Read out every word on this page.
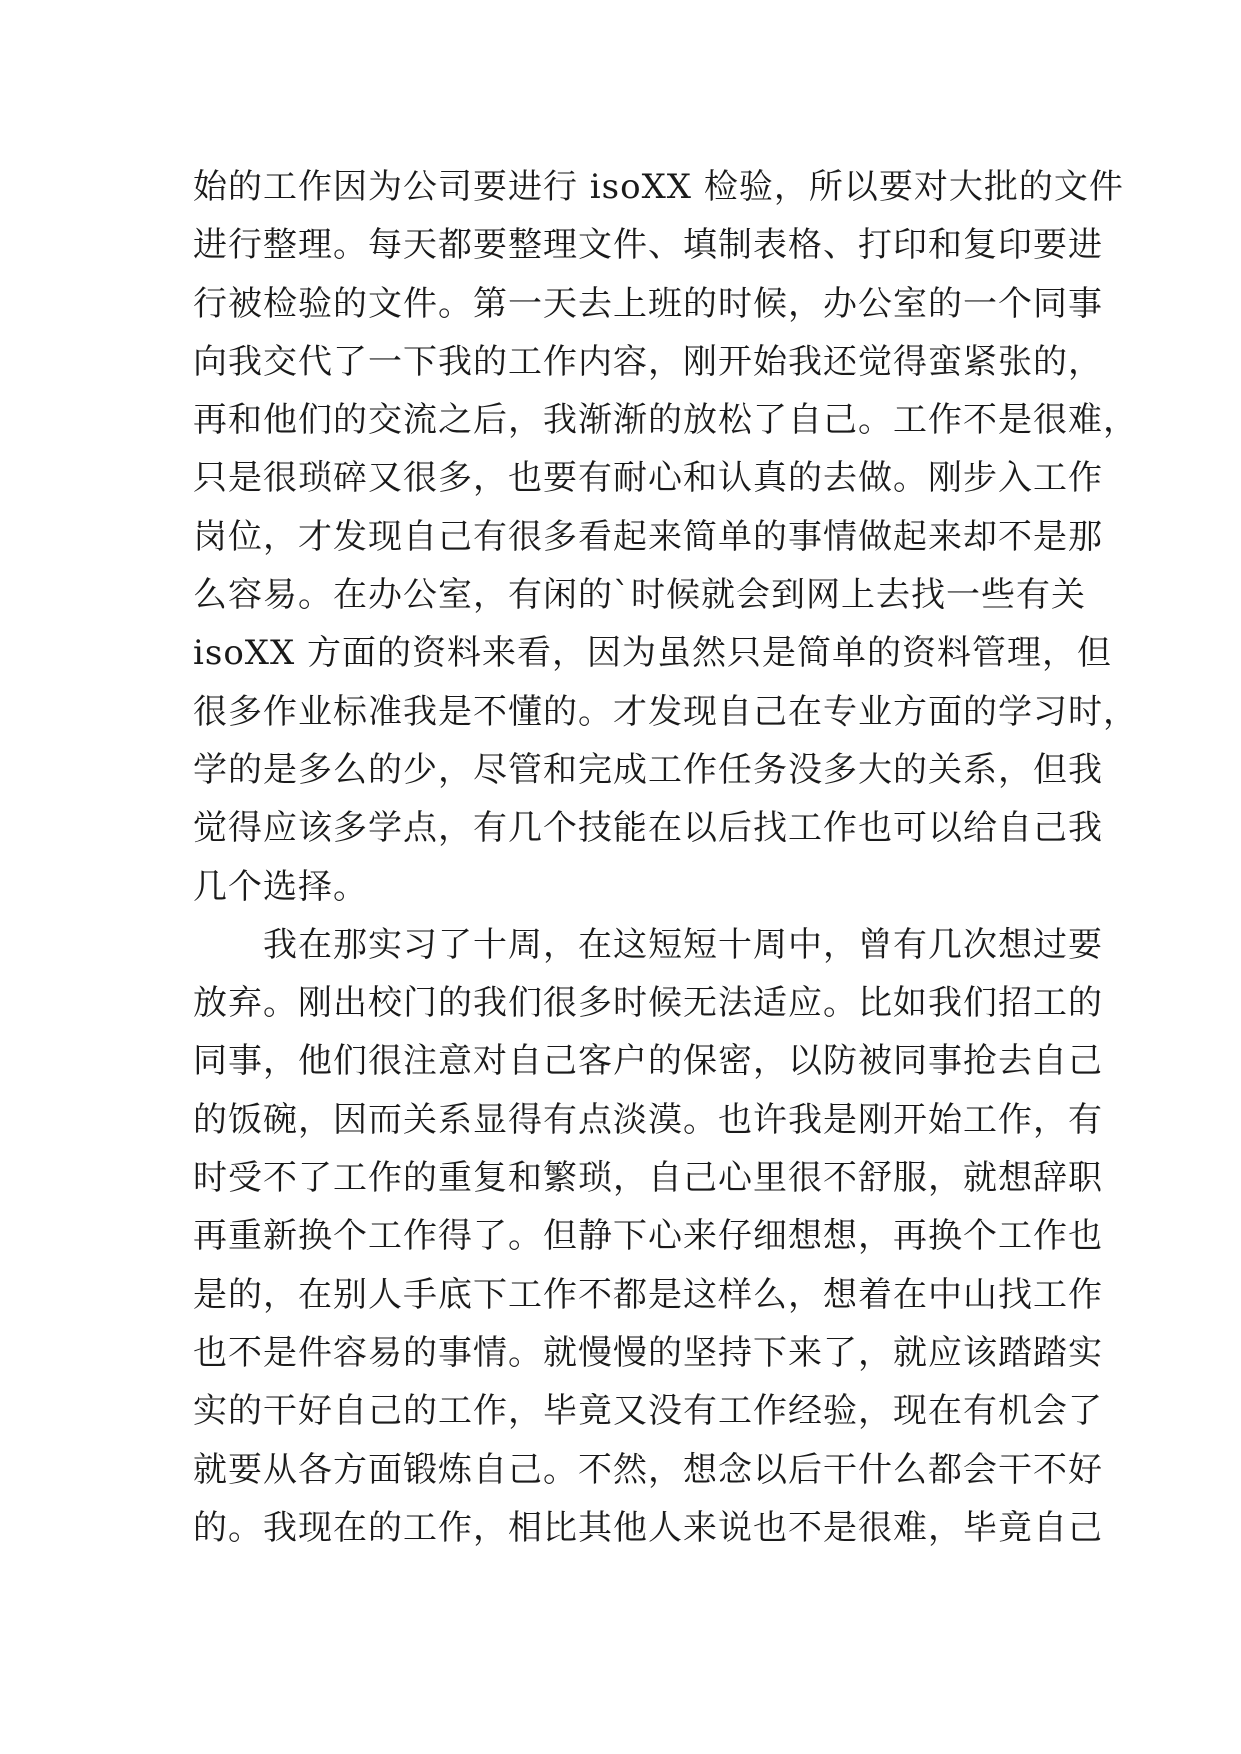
始的工作因为公司要进行 isoXX 检验，所以要对大批的文件
进行整理。每天都要整理文件、填制表格、打印和复印要进
行被检验的文件。第一天去上班的时候，办公室的一个同事
向我交代了一下我的工作内容，刚开始我还觉得蛮紧张的，
再和他们的交流之后，我渐渐的放松了自己。工作不是很难，
只是很琐碎又很多，也要有耐心和认真的去做。刚步入工作
岗位，才发现自己有很多看起来简单的事情做起来却不是那
么容易。在办公室，有闲的`时候就会到网上去找一些有关
isoXX 方面的资料来看，因为虽然只是简单的资料管理，但
很多作业标准我是不懂的。才发现自己在专业方面的学习时，
学的是多么的少，尽管和完成工作任务没多大的关系，但我
觉得应该多学点，有几个技能在以后找工作也可以给自己我
几个选择。
　　我在那实习了十周，在这短短十周中，曾有几次想过要
放弃。刚出校门的我们很多时候无法适应。比如我们招工的
同事，他们很注意对自己客户的保密，以防被同事抢去自己
的饭碗，因而关系显得有点淡漠。也许我是刚开始工作，有
时受不了工作的重复和繁琐，自己心里很不舒服，就想辞职
再重新换个工作得了。但静下心来仔细想想，再换个工作也
是的，在别人手底下工作不都是这样么，想着在中山找工作
也不是件容易的事情。就慢慢的坚持下来了，就应该踏踏实
实的干好自己的工作，毕竟又没有工作经验，现在有机会了
就要从各方面锻炼自己。不然，想念以后干什么都会干不好
的。我现在的工作，相比其他人来说也不是很难，毕竟自己
